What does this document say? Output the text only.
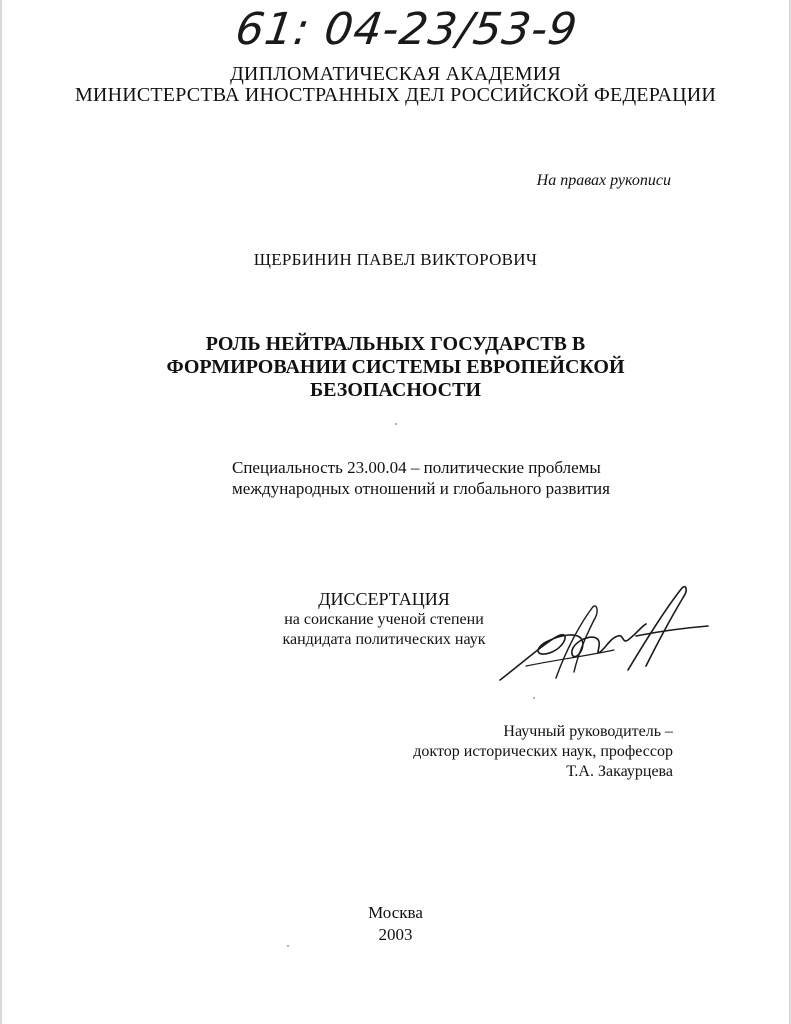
61: 04-23/53-9
ДИПЛОМАТИЧЕСКАЯ АКАДЕМИЯ
МИНИСТЕРСТВА ИНОСТРАННЫХ ДЕЛ РОССИЙСКОЙ ФЕДЕРАЦИИ
На правах рукописи
ЩЕРБИНИН ПАВЕЛ ВИКТОРОВИЧ
РОЛЬ НЕЙТРАЛЬНЫХ ГОСУДАРСТВ В
ФОРМИРОВАНИИ СИСТЕМЫ ЕВРОПЕЙСКОЙ
БЕЗОПАСНОСТИ
Специальность 23.00.04 – политические проблемы
международных отношений и глобального развития
ДИССЕРТАЦИЯ
на соискание ученой степени
кандидата политических наук
Научный руководитель –
доктор исторических наук, профессор
Т.А. Закаурцева
Москва
2003
